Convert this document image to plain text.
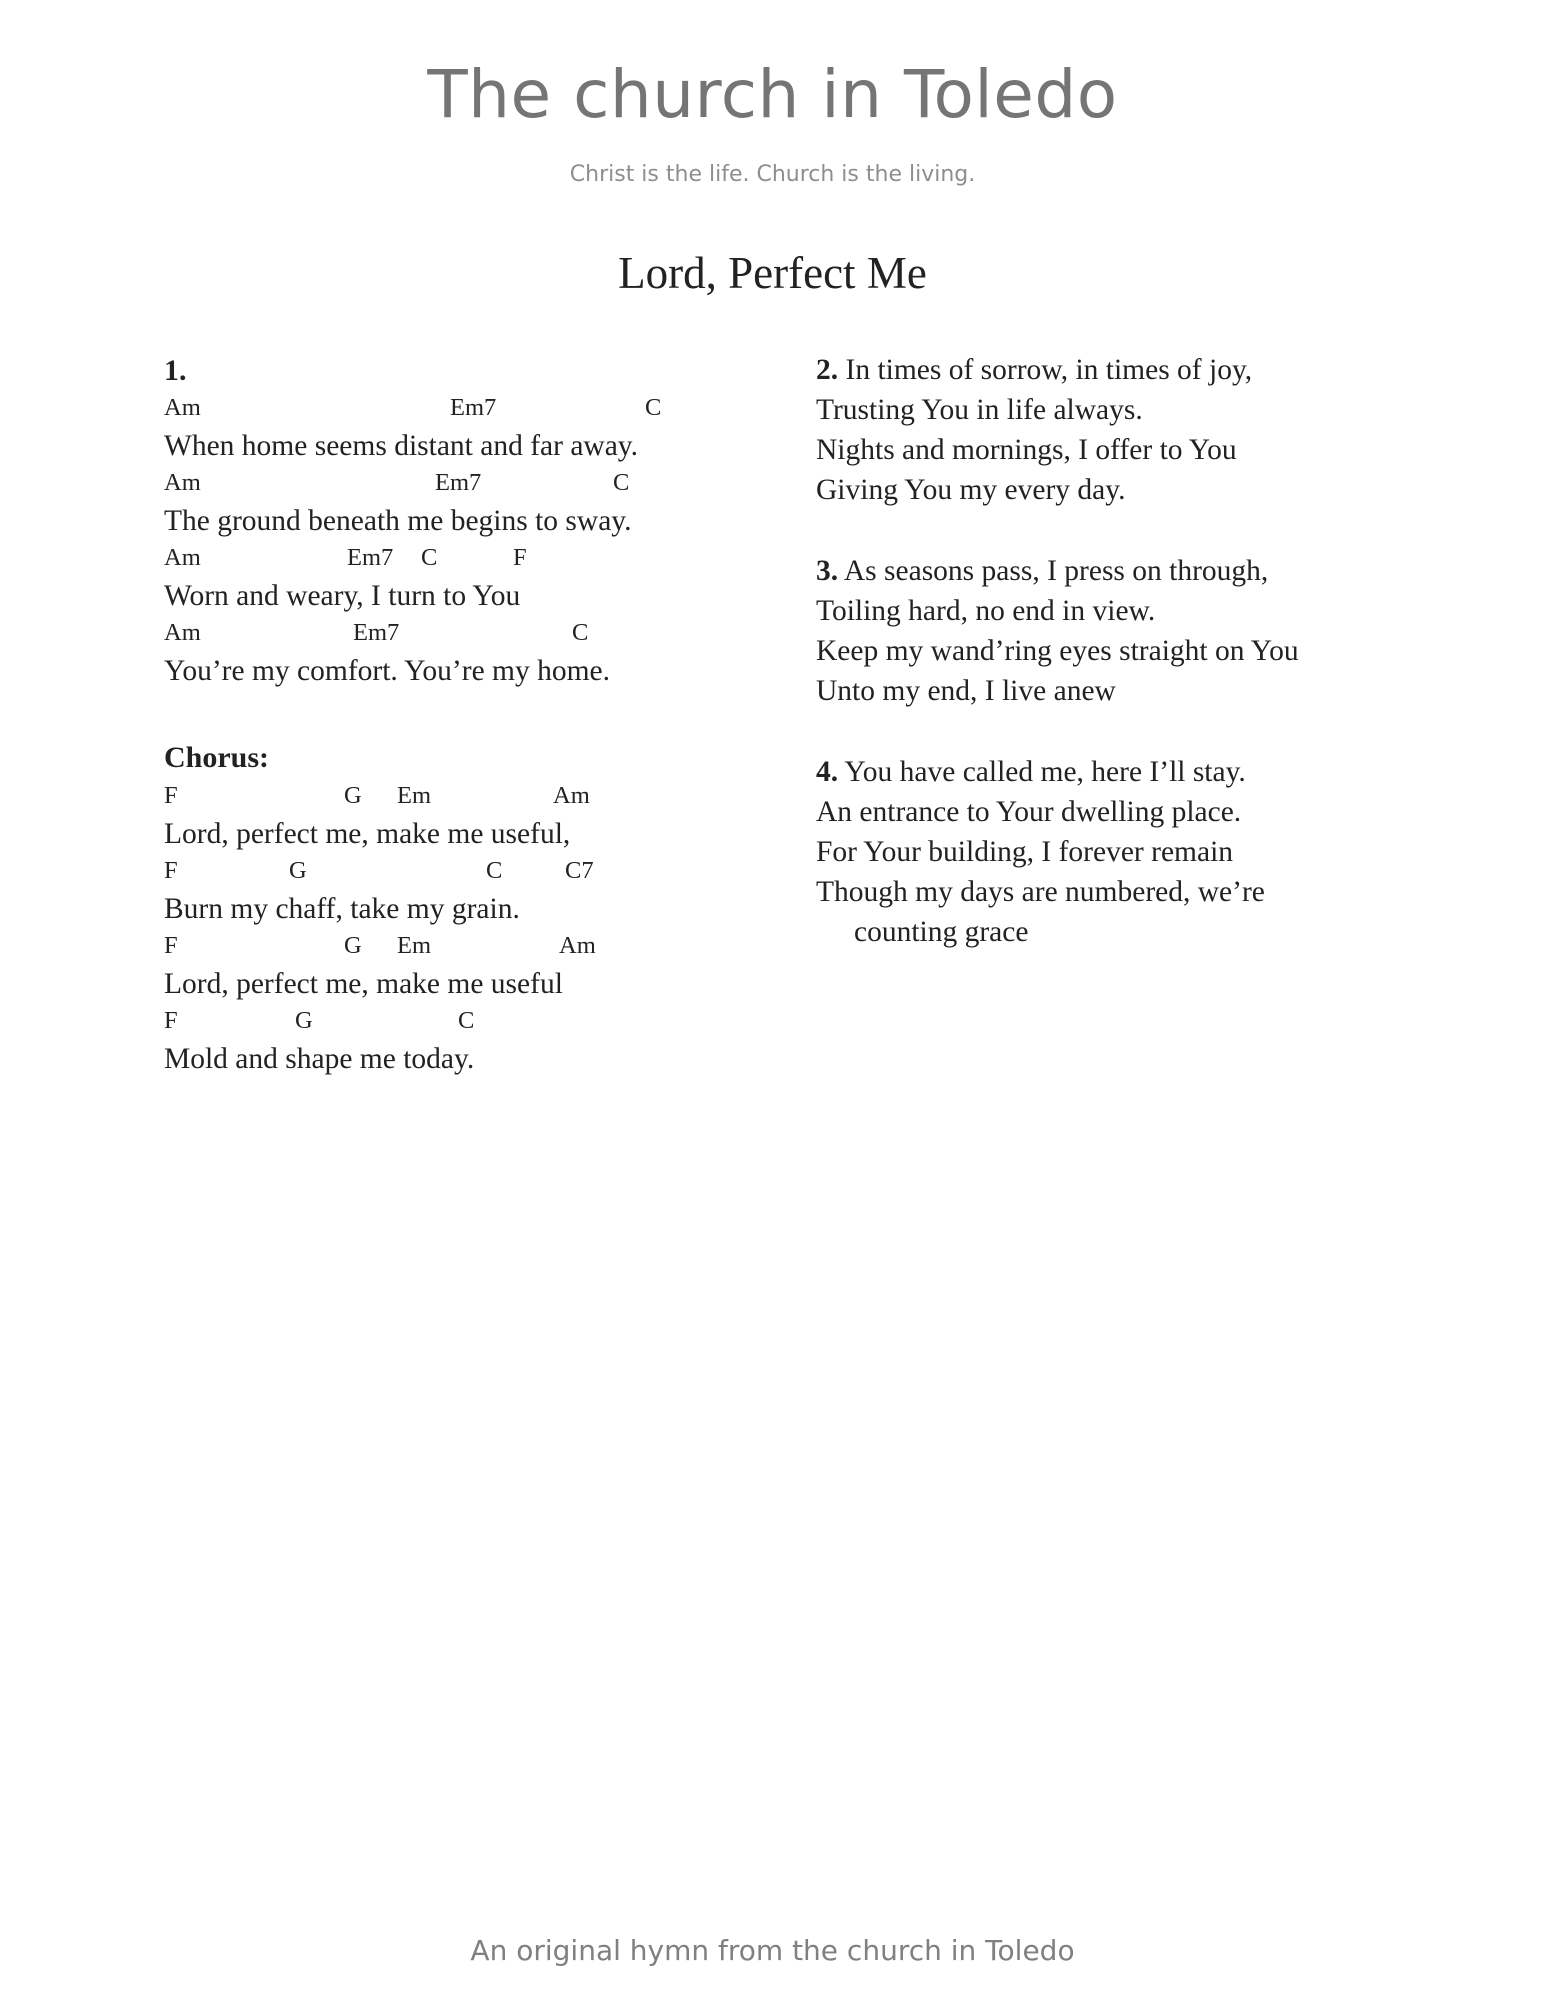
The church in Toledo
Christ is the life. Church is the living.
Lord, Perfect Me
1.
Am	Em7	C
When home seems distant and far away.
Am	Em7	C
The ground beneath me begins to sway.
Am	Em7 C	F
Worn and weary, I turn to You
Am	Em7	C
You’re my comfort. You’re my home.
Chorus:
F	G Em	Am
Lord, perfect me, make me useful,
F	G	C	C7
Burn my chaff, take my grain.
F	G Em	Am
Lord, perfect me, make me useful
F	G	C
Mold and shape me today.
2. In times of sorrow, in times of joy,
Trusting You in life always.
Nights and mornings, I offer to You
Giving You my every day.
3. As seasons pass, I press on through,
Toiling hard, no end in view.
Keep my wand’ring eyes straight on You
Unto my end, I live anew
4. You have called me, here I’ll stay.
An entrance to Your dwelling place.
For Your building, I forever remain
Though my days are numbered, we’re
counting grace
An original hymn from the church in Toledo
